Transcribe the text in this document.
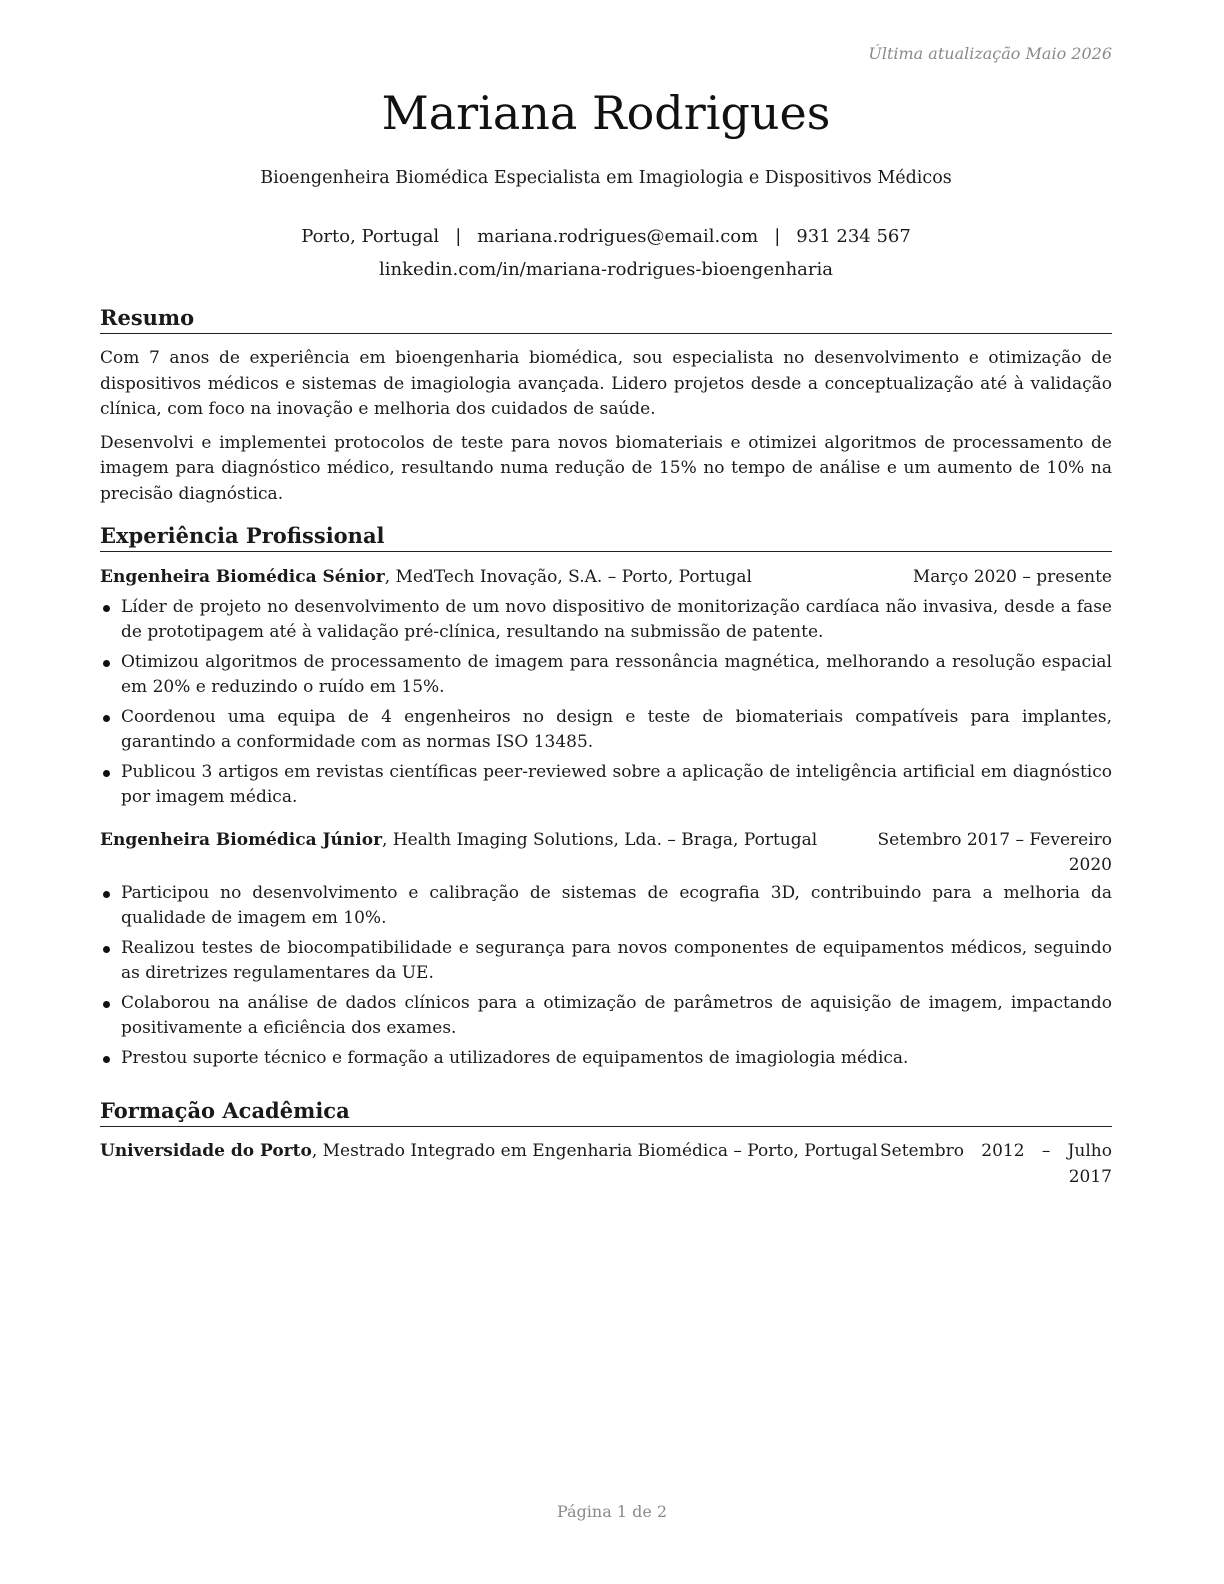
Última atualização Maio 2026
Mariana Rodrigues
Bioengenheira Biomédica Especialista em Imagiologia e Dispositivos Médicos
Porto, Portugal | mariana.rodrigues@email.com | 931 234 567
linkedin.com/in/mariana-rodrigues-bioengenharia
Resumo

Com 7 anos de experiência em bioengenharia biomédica, sou especialista no desenvolvimento e otimização de dispositivos médicos e sistemas de imagiologia avançada. Lidero projetos desde a conceptualização até à validação clínica, com foco na inovação e melhoria dos cuidados de saúde.

Desenvolvi e implementei protocolos de teste para novos biomateriais e otimizei algoritmos de processamento de imagem para diagnóstico médico, resultando numa redução de 15% no tempo de análise e um aumento de 10% na precisão diagnóstica.

Experiência Profissional
Engenheira Biomédica Sénior, MedTech Inovação, S.A. – Porto, Portugal	Março 2020 – presente
Líder de projeto no desenvolvimento de um novo dispositivo de monitorização cardíaca não invasiva, desde a fase de prototipagem até à validação pré-clínica, resultando na submissão de patente.
Otimizou algoritmos de processamento de imagem para ressonância magnética, melhorando a resolução espacial em 20% e reduzindo o ruído em 15%.
Coordenou uma equipa de 4 engenheiros no design e teste de biomateriais compatíveis para implantes, garantindo a conformidade com as normas ISO 13485.
Publicou 3 artigos em revistas científicas peer-reviewed sobre a aplicação de inteligência artificial em diagnóstico por imagem médica.
Engenheira Biomédica Júnior, Health Imaging Solutions, Lda. – Braga, Portugal	Setembro 2017 – Fevereiro 2020
Participou no desenvolvimento e calibração de sistemas de ecografia 3D, contribuindo para a melhoria da qualidade de imagem em 10%.
Realizou testes de biocompatibilidade e segurança para novos componentes de equipamentos médicos, seguindo as diretrizes regulamentares da UE.
Colaborou na análise de dados clínicos para a otimização de parâmetros de aquisição de imagem, impactando positivamente a eficiência dos exames.
Prestou suporte técnico e formação a utilizadores de equipamentos de imagiologia médica.
Formação Acadêmica
Universidade do Porto, Mestrado Integrado em Engenharia Biomédica – Porto, Portugal Setembro 2012 – Julho 2017
Página 1 de 2
